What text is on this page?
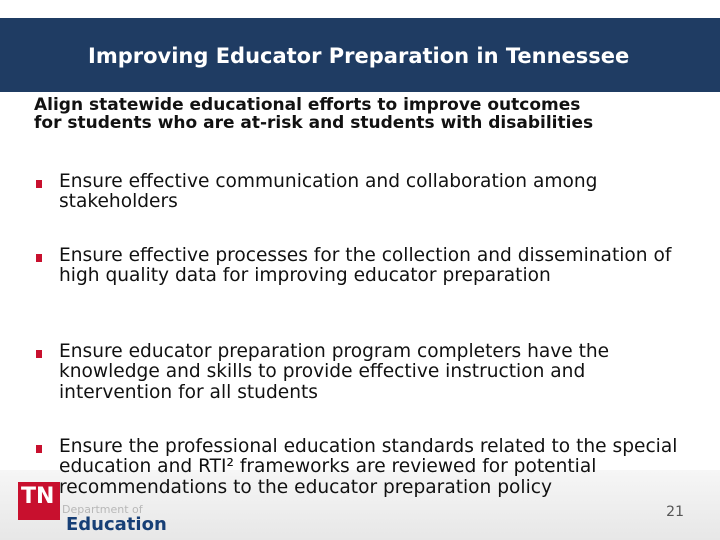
Improving Educator Preparation in Tennessee
Align statewide educational efforts to improve outcomes
for students who are at-risk and students with disabilities
Ensure effective communication and collaboration among stakeholders
Ensure effective processes for the collection and dissemination of high quality data for improving educator preparation
Ensure educator preparation program completers have the knowledge and skills to provide effective instruction and intervention for all students
TN
Department of
Education
Ensure the professional education standards related to the special education and RTI² frameworks are reviewed for potential recommendations to the educator preparation policy
21
